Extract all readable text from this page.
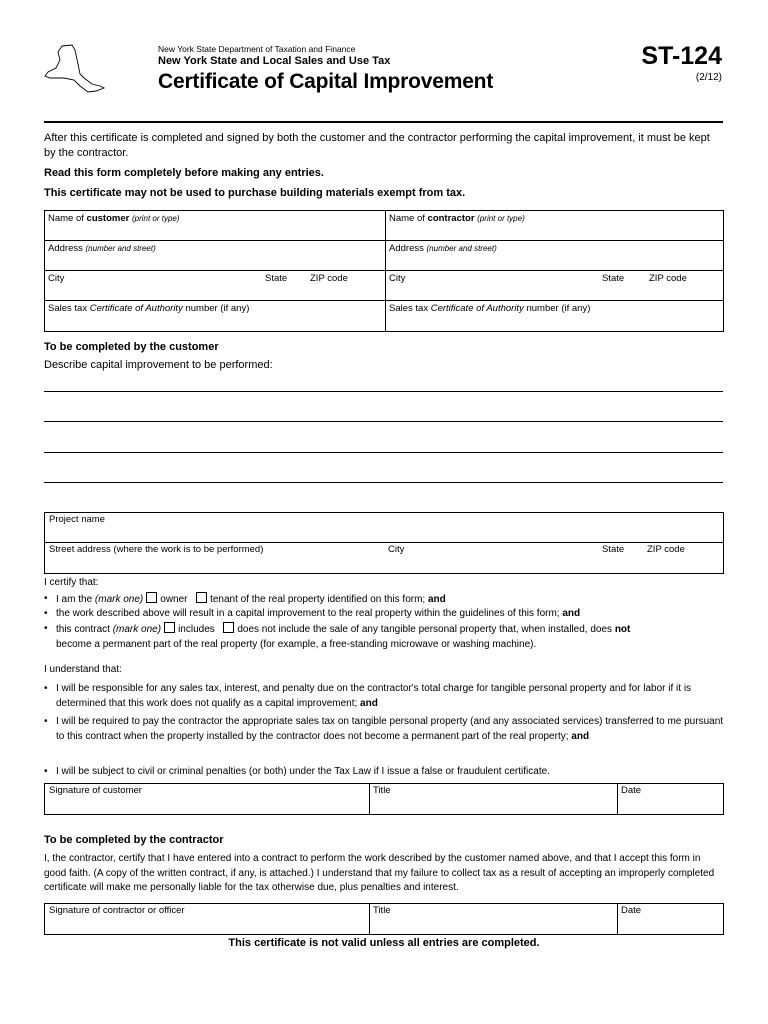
New York State Department of Taxation and Finance
New York State and Local Sales and Use Tax
Certificate of Capital Improvement
ST-124
(2/12)
After this certificate is completed and signed by both the customer and the contractor performing the capital improvement, it must be kept by the contractor.
Read this form completely before making any entries.
This certificate may not be used to purchase building materials exempt from tax.
Name of customer (print or type)	Name of contractor (print or type)
Address (number and street)	Address (number and street)
City	State ZIP code	City	State	ZIP code
Sales tax Certificate of Authority number (if any)	Sales tax Certificate of Authority number (if any)
To be completed by the customer
Describe capital improvement to be performed:
Project name
Street address (where the work is to be performed)	City	State ZIP code
I certify that:
• I am the (mark one) owner tenant of the real property identified on this form; and
• the work described above will result in a capital improvement to the real property within the guidelines of this form; and
• this contract (mark one) includes does not include the sale of any tangible personal property that, when installed, does not
become a permanent part of the real property (for example, a free-standing microwave or washing machine).
I understand that:
• I will be responsible for any sales tax, interest, and penalty due on the contractor's total charge for tangible personal property and for labor if it is determined that this work does not qualify as a capital improvement; and
• I will be required to pay the contractor the appropriate sales tax on tangible personal property (and any associated services) transferred to me pursuant to this contract when the property installed by the contractor does not become a permanent part of the real property; and
• I will be subject to civil or criminal penalties (or both) under the Tax Law if I issue a false or fraudulent certificate.
Signature of customer	Title	Date
To be completed by the contractor
I, the contractor, certify that I have entered into a contract to perform the work described by the customer named above, and that I accept this form in good faith. (A copy of the written contract, if any, is attached.) I understand that my failure to collect tax as a result of accepting an improperly completed certificate will make me personally liable for the tax otherwise due, plus penalties and interest.
Signature of contractor or officer	Title	Date
This certificate is not valid unless all entries are completed.
